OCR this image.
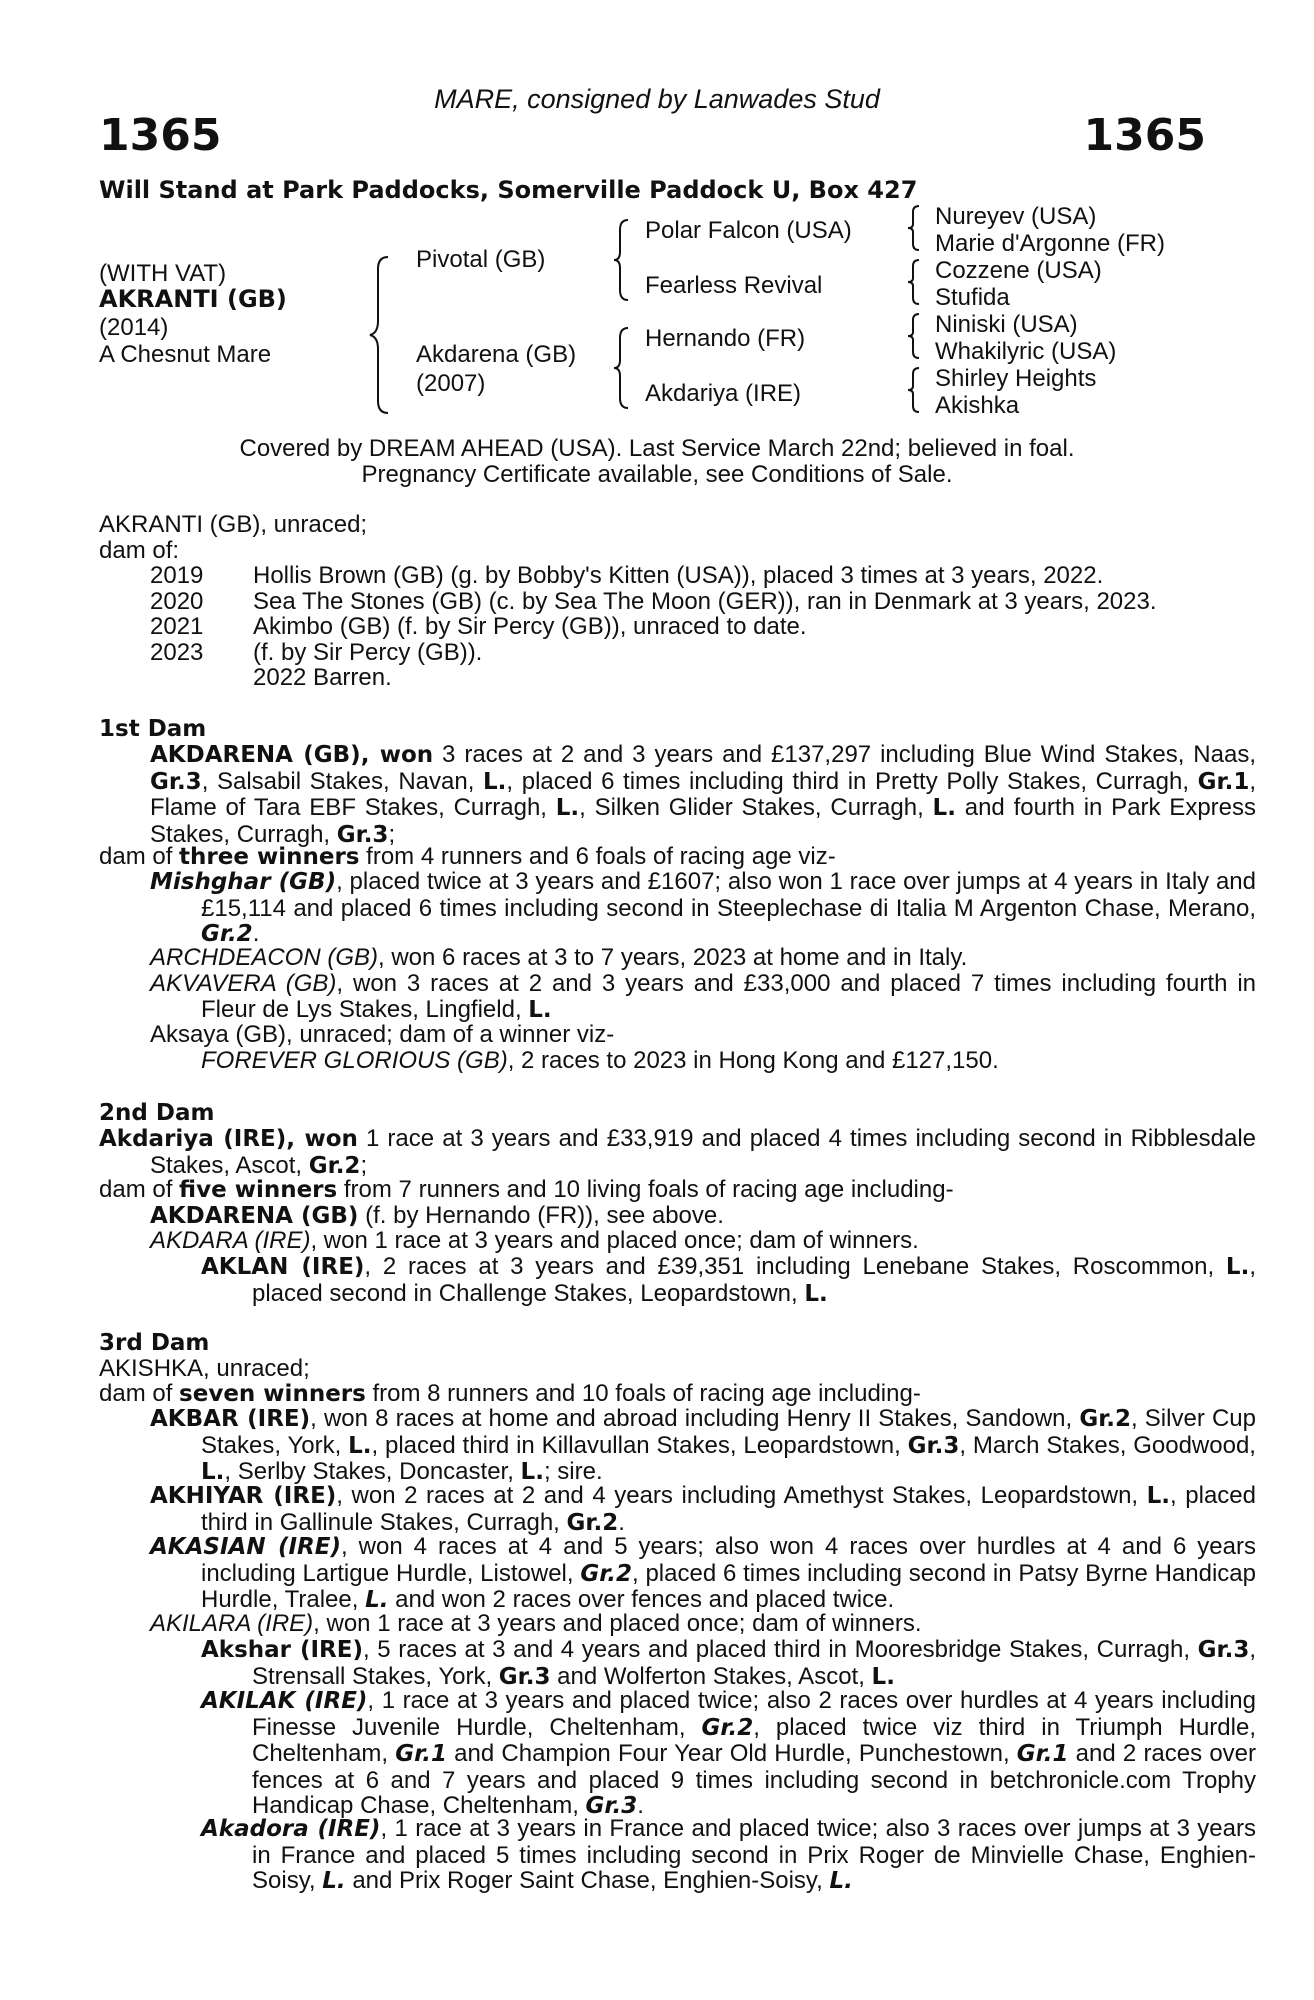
MARE, consigned by Lanwades Stud
1365	1365
Will Stand at Park Paddocks, Somerville Paddock U, Box 427
(WITH VAT)
AKRANTI (GB)
(2014)
A Chesnut Mare
Pivotal (GB)
Akdarena (GB)
(2007)
Polar Falcon (USA)
Fearless Revival
Hernando (FR)
Akdariya (IRE)
Nureyev (USA)
Marie d'Argonne (FR)
Cozzene (USA)
Stufida
Niniski (USA)
Whakilyric (USA)
Shirley Heights
Akishka
Covered by DREAM AHEAD (USA). Last Service March 22nd; believed in foal.
Pregnancy Certificate available, see Conditions of Sale.
AKRANTI (GB), unraced;
dam of:
2019 Hollis Brown (GB) (g. by Bobby's Kitten (USA)), placed 3 times at 3 years, 2022.
2020 Sea The Stones (GB) (c. by Sea The Moon (GER)), ran in Denmark at 3 years, 2023.
2021 Akimbo (GB) (f. by Sir Percy (GB)), unraced to date.
2023 (f. by Sir Percy (GB)).
2022 Barren.
1st Dam
AKDARENA (GB), won 3 races at 2 and 3 years and £137,297 including Blue Wind Stakes, Naas, Gr.3, Salsabil Stakes, Navan, L., placed 6 times including third in Pretty Polly Stakes, Curragh, Gr.1, Flame of Tara EBF Stakes, Curragh, L., Silken Glider Stakes, Curragh, L. and fourth in Park Express Stakes, Curragh, Gr.3;
dam of three winners from 4 runners and 6 foals of racing age viz-
Mishghar (GB), placed twice at 3 years and £1607; also won 1 race over jumps at 4 years in Italy and £15,114 and placed 6 times including second in Steeplechase di Italia M Argenton Chase, Merano, Gr.2.
ARCHDEACON (GB), won 6 races at 3 to 7 years, 2023 at home and in Italy.
AKVAVERA (GB), won 3 races at 2 and 3 years and £33,000 and placed 7 times including fourth in Fleur de Lys Stakes, Lingfield, L.
Aksaya (GB), unraced; dam of a winner viz-
FOREVER GLORIOUS (GB), 2 races to 2023 in Hong Kong and £127,150.
2nd Dam
Akdariya (IRE), won 1 race at 3 years and £33,919 and placed 4 times including second in Ribblesdale Stakes, Ascot, Gr.2;
dam of five winners from 7 runners and 10 living foals of racing age including-
AKDARENA (GB) (f. by Hernando (FR)), see above.
AKDARA (IRE), won 1 race at 3 years and placed once; dam of winners.
AKLAN (IRE), 2 races at 3 years and £39,351 including Lenebane Stakes, Roscommon, L., placed second in Challenge Stakes, Leopardstown, L.
3rd Dam
AKISHKA, unraced;
dam of seven winners from 8 runners and 10 foals of racing age including-
AKBAR (IRE), won 8 races at home and abroad including Henry II Stakes, Sandown, Gr.2, Silver Cup Stakes, York, L., placed third in Killavullan Stakes, Leopardstown, Gr.3, March Stakes, Goodwood, L., Serlby Stakes, Doncaster, L.; sire.
AKHIYAR (IRE), won 2 races at 2 and 4 years including Amethyst Stakes, Leopardstown, L., placed third in Gallinule Stakes, Curragh, Gr.2.
AKASIAN (IRE), won 4 races at 4 and 5 years; also won 4 races over hurdles at 4 and 6 years including Lartigue Hurdle, Listowel, Gr.2, placed 6 times including second in Patsy Byrne Handicap Hurdle, Tralee, L. and won 2 races over fences and placed twice.
AKILARA (IRE), won 1 race at 3 years and placed once; dam of winners.
Akshar (IRE), 5 races at 3 and 4 years and placed third in Mooresbridge Stakes, Curragh, Gr.3, Strensall Stakes, York, Gr.3 and Wolferton Stakes, Ascot, L.
AKILAK (IRE), 1 race at 3 years and placed twice; also 2 races over hurdles at 4 years including Finesse Juvenile Hurdle, Cheltenham, Gr.2, placed twice viz third in Triumph Hurdle, Cheltenham, Gr.1 and Champion Four Year Old Hurdle, Punchestown, Gr.1 and 2 races over fences at 6 and 7 years and placed 9 times including second in betchronicle.com Trophy Handicap Chase, Cheltenham, Gr.3.
Akadora (IRE), 1 race at 3 years in France and placed twice; also 3 races over jumps at 3 years in France and placed 5 times including second in Prix Roger de Minvielle Chase, Enghien-Soisy, L. and Prix Roger Saint Chase, Enghien-Soisy, L.
